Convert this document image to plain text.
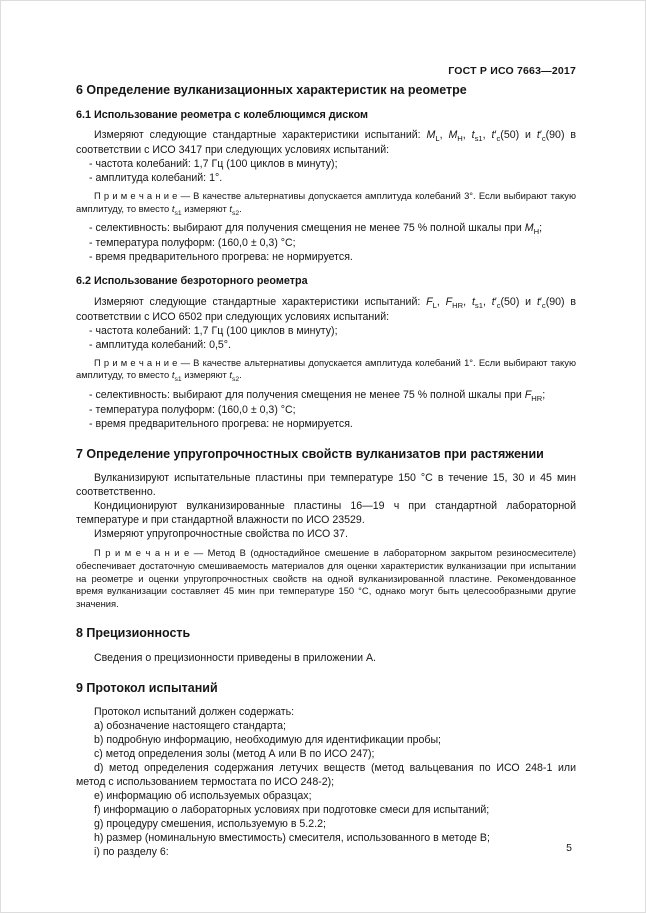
ГОСТ Р ИСО 7663—2017
6 Определение вулканизационных характеристик на реометре
6.1 Использование реометра с колеблющимся диском

Измеряют следующие стандартные характеристики испытаний: $M_L$, $M_H$, $t_{s1}$, $t'_c(50)$ и $t'_c(90)$ в соответствии с ИСО 3417 при следующих условиях испытаний:

- частота колебаний: 1,7 Гц (100 циклов в минуту);

- амплитуда колебаний: 1°.

П р и м е ч а н и е — В качестве альтернативы допускается амплитуда колебаний 3°. Если выбирают такую амплитуду, то вместо $t_{s1}$ измеряют $t_{s2}$.

- селективность: выбирают для получения смещения не менее 75 % полной шкалы при $M_H$;

- температура полуформ: (160,0 ± 0,3) °С;

- время предварительного прогрева: не нормируется.

6.2 Использование безроторного реометра

Измеряют следующие стандартные характеристики испытаний: $F_L$, $F_{HR}$, $t_{s1}$, $t'_c(50)$ и $t'_c(90)$ в соответствии с ИСО 6502 при следующих условиях испытаний:

- частота колебаний: 1,7 Гц (100 циклов в минуту);

- амплитуда колебаний: 0,5°.

П р и м е ч а н и е — В качестве альтернативы допускается амплитуда колебаний 1°. Если выбирают такую амплитуду, то вместо $t_{s1}$ измеряют $t_{s2}$.

- селективность: выбирают для получения смещения не менее 75 % полной шкалы при $F_{HR}$;

- температура полуформ: (160,0 ± 0,3) °С;

- время предварительного прогрева: не нормируется.

7 Определение упругопрочностных свойств вулканизатов при растяжении

Вулканизируют испытательные пластины при температуре 150 °С в течение 15, 30 и 45 мин соответственно.

Кондиционируют вулканизированные пластины 16—19 ч при стандартной лабораторной температуре и при стандартной влажности по ИСО 23529.

Измеряют упругопрочностные свойства по ИСО 37.

П р и м е ч а н и е — Метод В (одностадийное смешение в лабораторном закрытом резиносмесителе) обеспечивает достаточную смешиваемость материалов для оценки характеристик вулканизации при испытании на реометре и оценки упругопрочностных свойств на одной вулканизированной пластине. Рекомендованное время вулканизации составляет 45 мин при температуре 150 °С, однако могут быть целесообразными другие значения.

8 Прецизионность

Сведения о прецизионности приведены в приложении А.

9 Протокол испытаний

Протокол испытаний должен содержать:

а) обозначение настоящего стандарта;

b) подробную информацию, необходимую для идентификации пробы;

с) метод определения золы (метод А или В по ИСО 247);

d) метод определения содержания летучих веществ (метод вальцевания по ИСО 248-1 или метод с использованием термостата по ИСО 248-2);

е) информацию об используемых образцах;

f) информацию о лабораторных условиях при подготовке смеси для испытаний;

g) процедуру смешения, используемую в 5.2.2;

h) размер (номинальную вместимость) смесителя, использованного в методе В;

i) по разделу 6:	5
